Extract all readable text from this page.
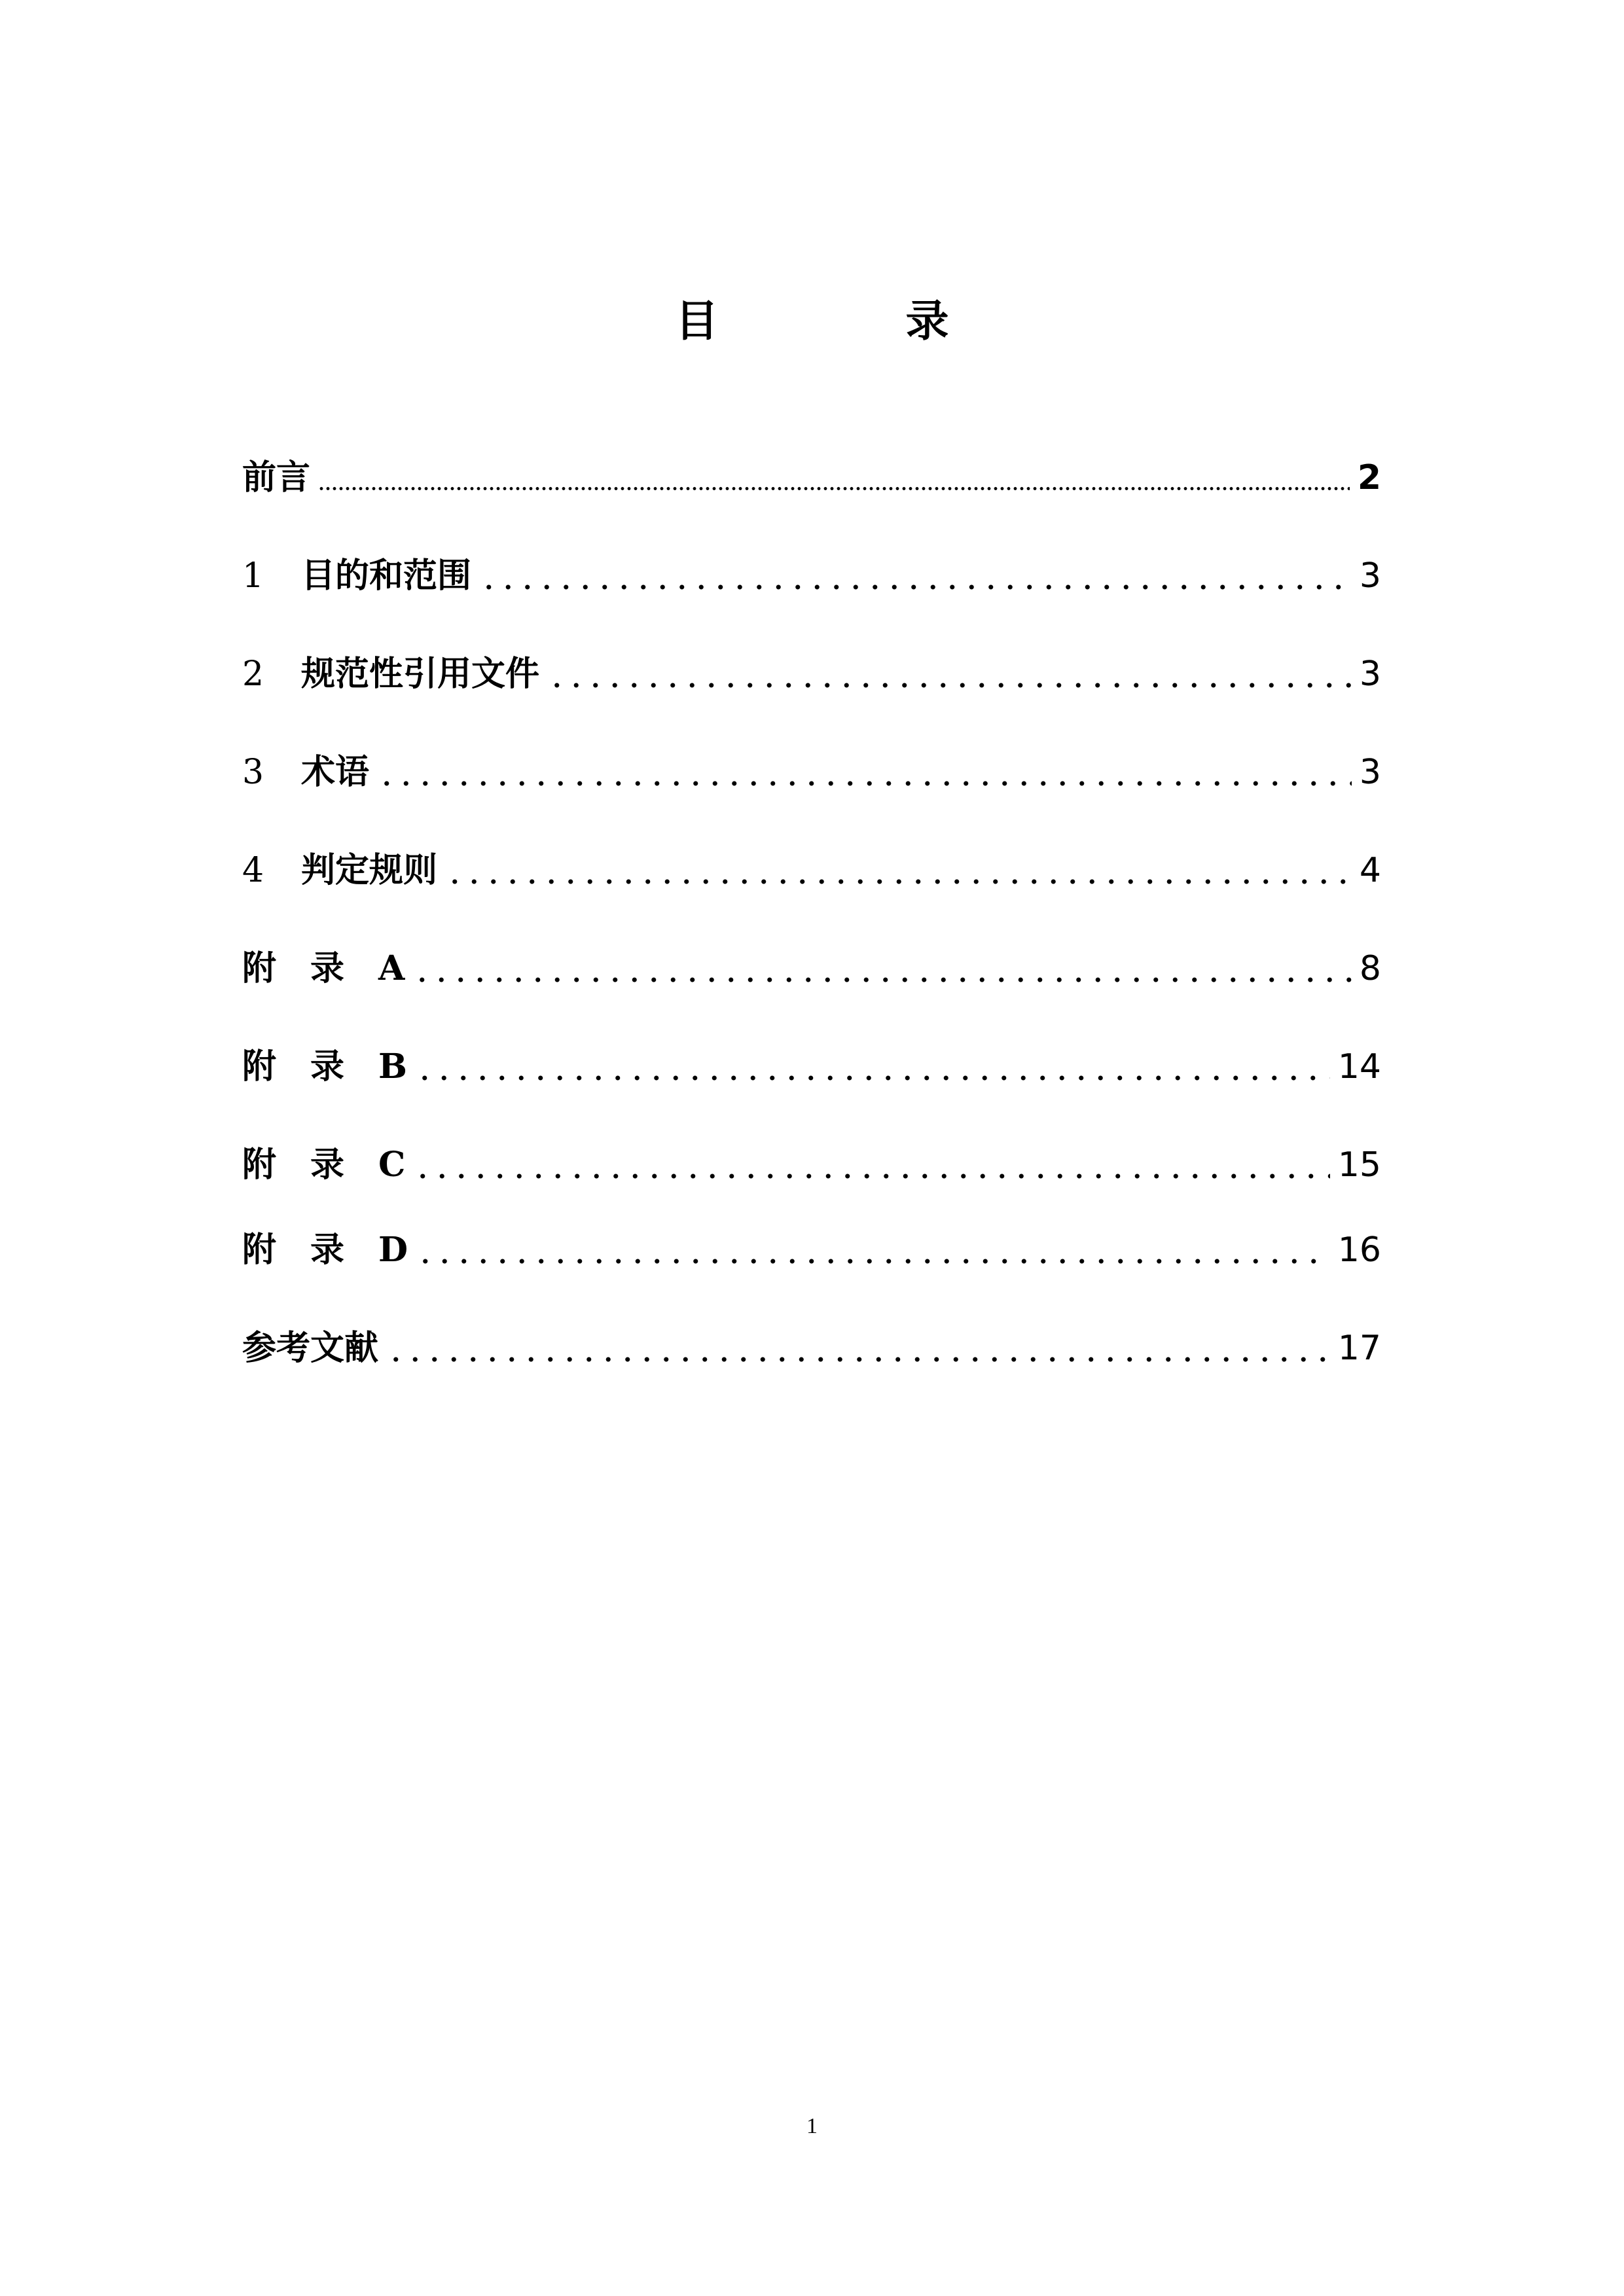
目　录
前言	2
1 目的和范围	3
2 规范性引用文件	3
3 术语	3
4 判定规则	4
附　录　A	8
附　录　B	14
附　录　C	15
附　录　D	16
参考文献	17
1
